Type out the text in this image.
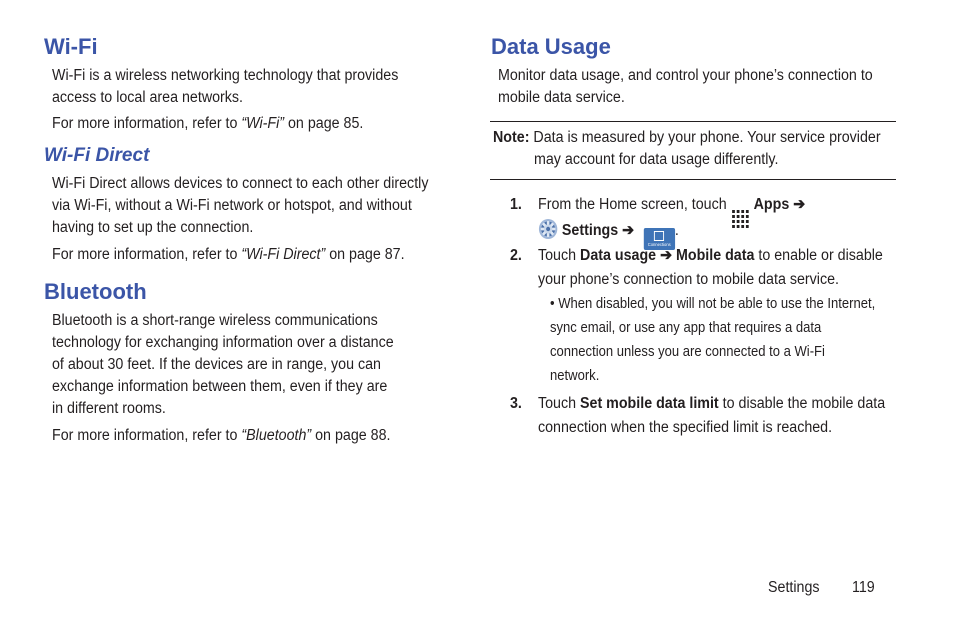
Wi-Fi

Wi-Fi is a wireless networking technology that provides

access to local area networks.

For more information, refer to “Wi-Fi” on page 85.

Wi-Fi Direct

Wi-Fi Direct allows devices to connect to each other directly

via Wi-Fi, without a Wi-Fi network or hotspot, and without

having to set up the connection.

For more information, refer to “Wi-Fi Direct” on page 87.

Bluetooth

Bluetooth is a short-range wireless communications

technology for exchanging information over a distance

of about 30 feet. If the devices are in range, you can

exchange information between them, even if they are

in different rooms.

For more information, refer to “Bluetooth” on page 88.

Data Usage

Monitor data usage, and control your phone’s connection to

mobile data service.

Note: Data is measured by your phone. Your service provider

may account for data usage differently.

1. From the Home screen, touch
Apps ➔

Settings ➔
Connections
.

2. Touch Data usage ➔ Mobile data to enable or disable

your phone’s connection to mobile data service.

• When disabled, you will not be able to use the Internet,
sync email, or use any app that requires a data
connection unless you are connected to a Wi-Fi
network.
3. Touch Set mobile data limit to disable the mobile data

connection when the specified limit is reached.

Settings 119
